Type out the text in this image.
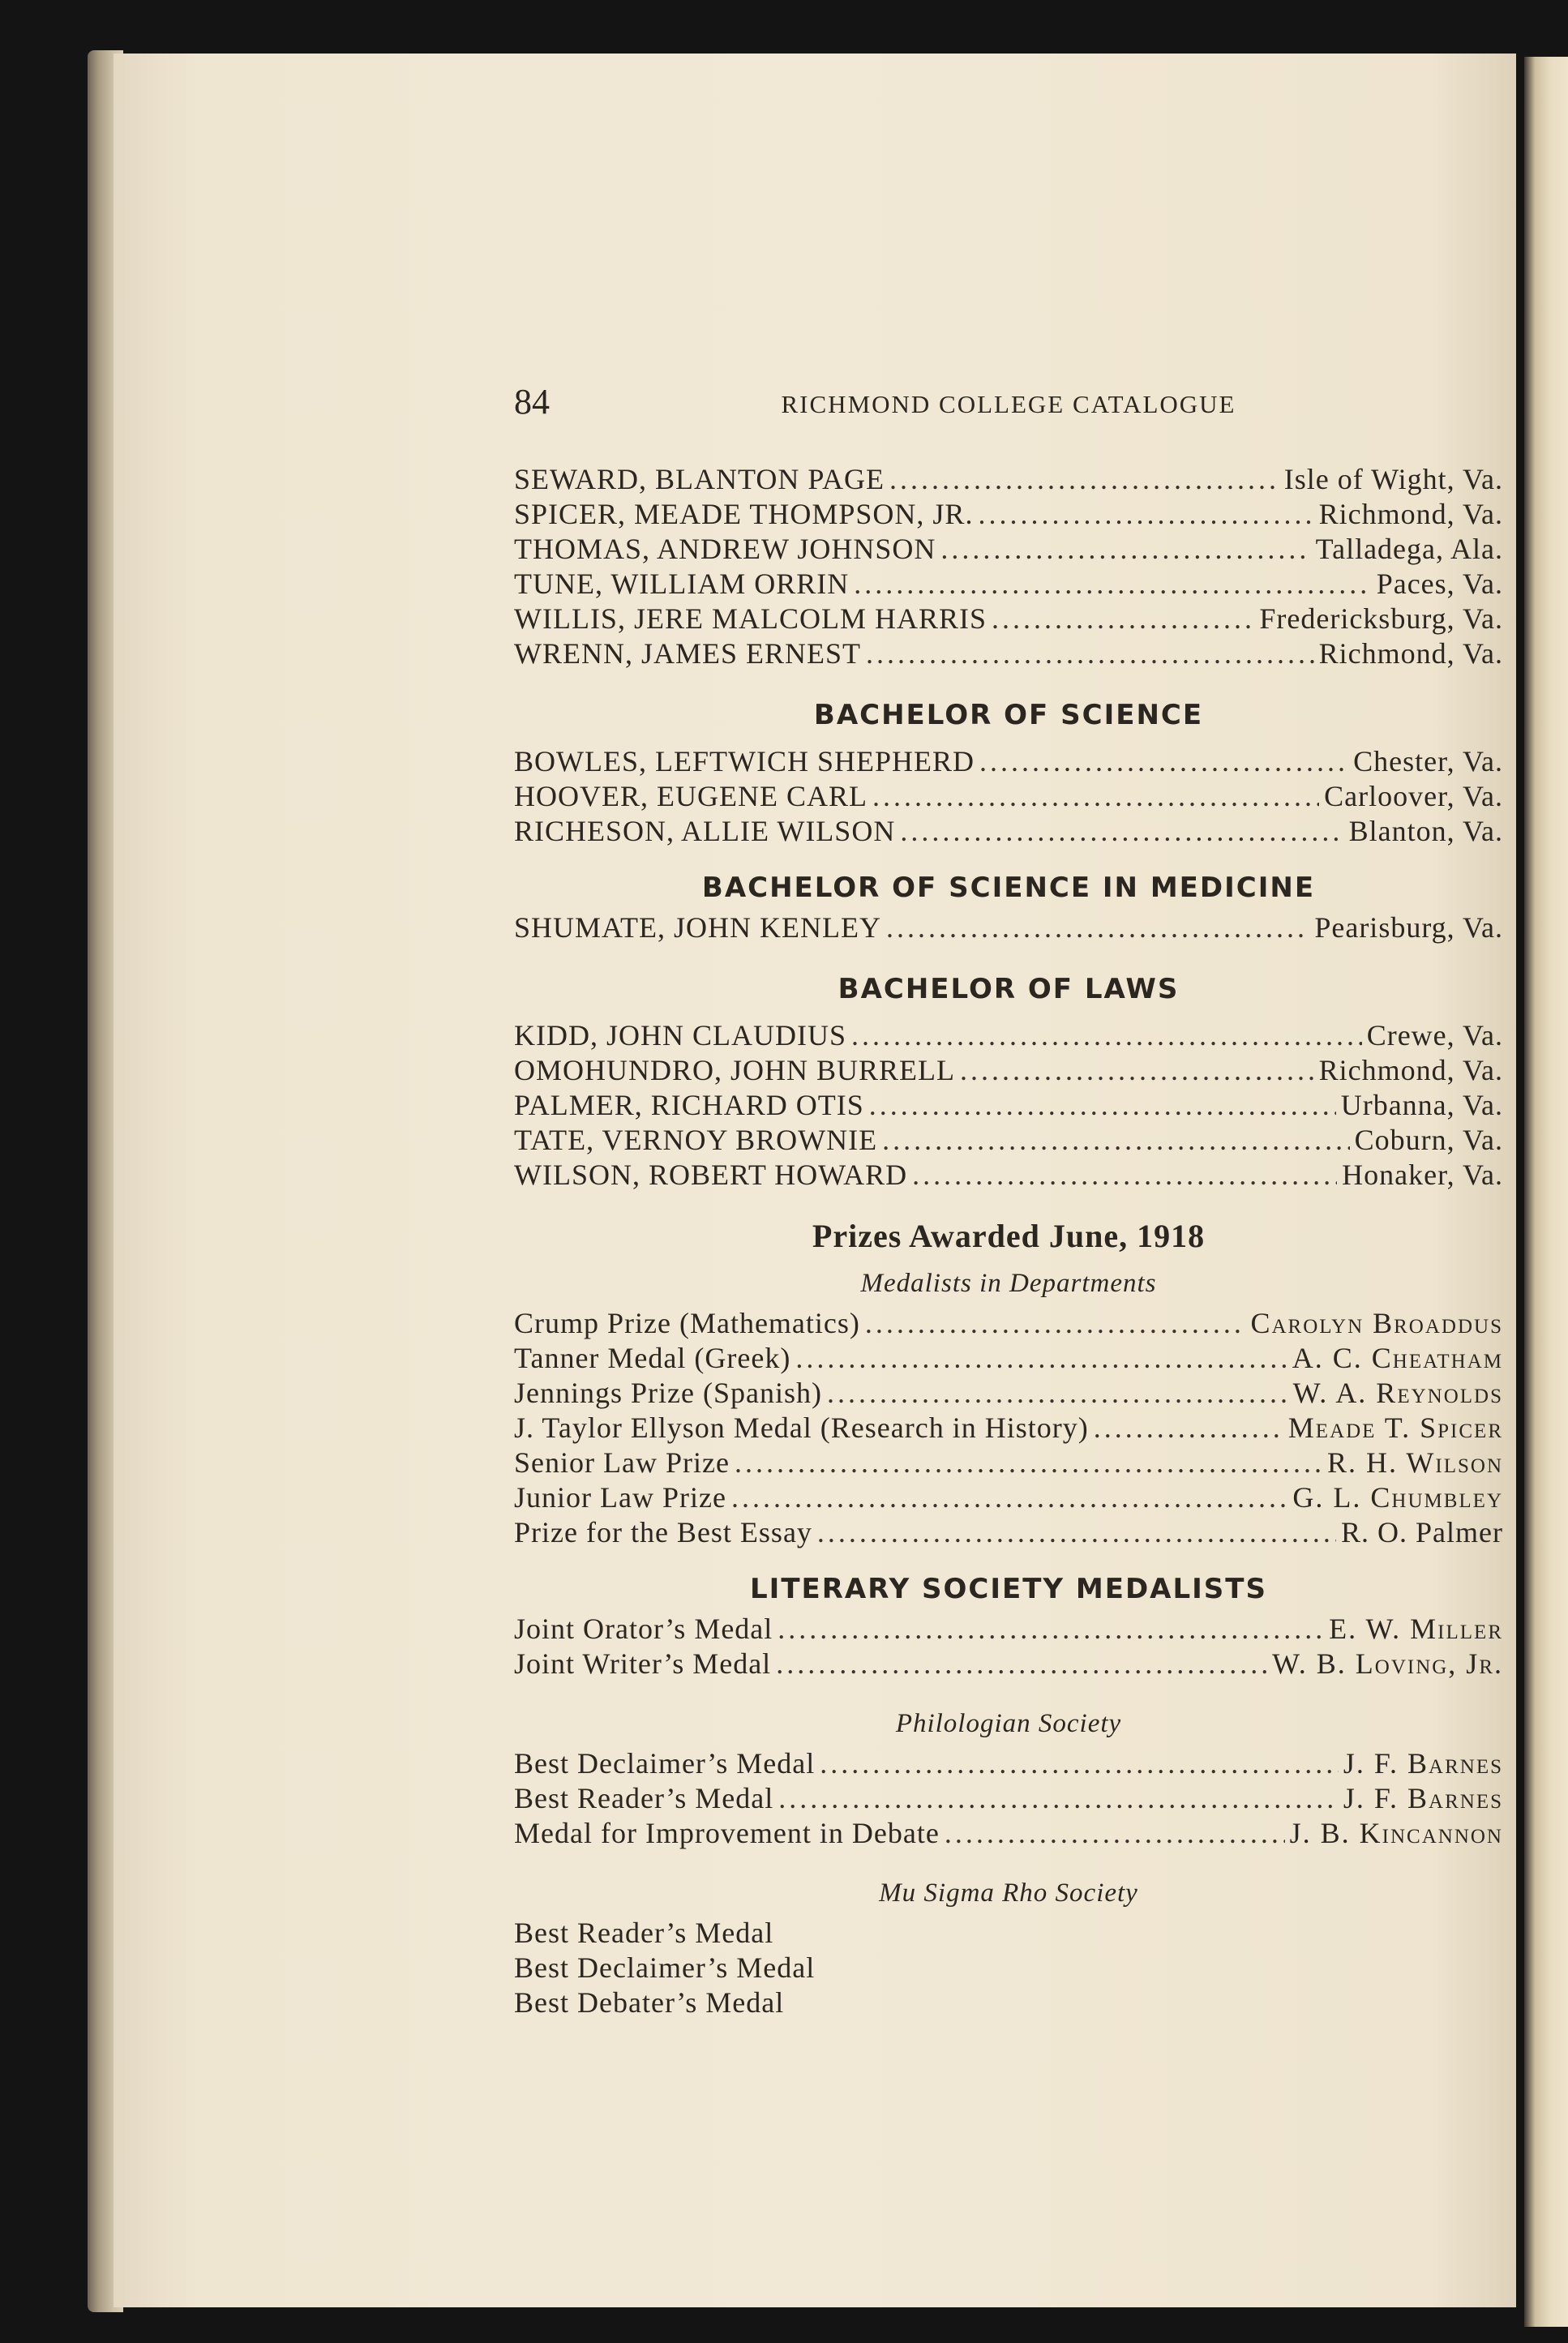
84	RICHMOND COLLEGE CATALOGUE
SEWARD, BLANTON PAGE .....	Isle of Wight, Va.
SPICER, MEADE THOMPSON, JR. .....	Richmond, Va.
THOMAS, ANDREW JOHNSON .....	Talladega, Ala.
TUNE, WILLIAM ORRIN .....	Paces, Va.
WILLIS, JERE MALCOLM HARRIS .....	Fredericksburg, Va.
WRENN, JAMES ERNEST .....	Richmond, Va.
BACHELOR OF SCIENCE
BOWLES, LEFTWICH SHEPHERD .....	Chester, Va.
HOOVER, EUGENE CARL .....	Carloover, Va.
RICHESON, ALLIE WILSON .....	Blanton, Va.
BACHELOR OF SCIENCE IN MEDICINE
SHUMATE, JOHN KENLEY .....	Pearisburg, Va.
BACHELOR OF LAWS
KIDD, JOHN CLAUDIUS .....	Crewe, Va.
OMOHUNDRO, JOHN BURRELL .....	Richmond, Va.
PALMER, RICHARD OTIS .....	Urbanna, Va.
TATE, VERNOY BROWNIE .....	Coburn, Va.
WILSON, ROBERT HOWARD .....	Honaker, Va.
Prizes Awarded June, 1918
Medalists in Departments
Crump Prize (Mathematics) .....	Carolyn Broaddus
Tanner Medal (Greek) .....	A. C. Cheatham
Jennings Prize (Spanish) .....	W. A. Reynolds
J. Taylor Ellyson Medal (Research in History) .....	Meade T. Spicer
Senior Law Prize .....	R. H. Wilson
Junior Law Prize .....	G. L. Chumbley
Prize for the Best Essay .....	R. O. Palmer
LITERARY SOCIETY MEDALISTS
Joint Orator’s Medal .....	E. W. Miller
Joint Writer’s Medal .....	W. B. Loving, Jr.
Philologian Society
Best Declaimer’s Medal .....	J. F. Barnes
Best Reader’s Medal .....	J. F. Barnes
Medal for Improvement in Debate .....	J. B. Kincannon
Mu Sigma Rho Society
Best Reader’s Medal
Best Declaimer’s Medal
Best Debater’s Medal
